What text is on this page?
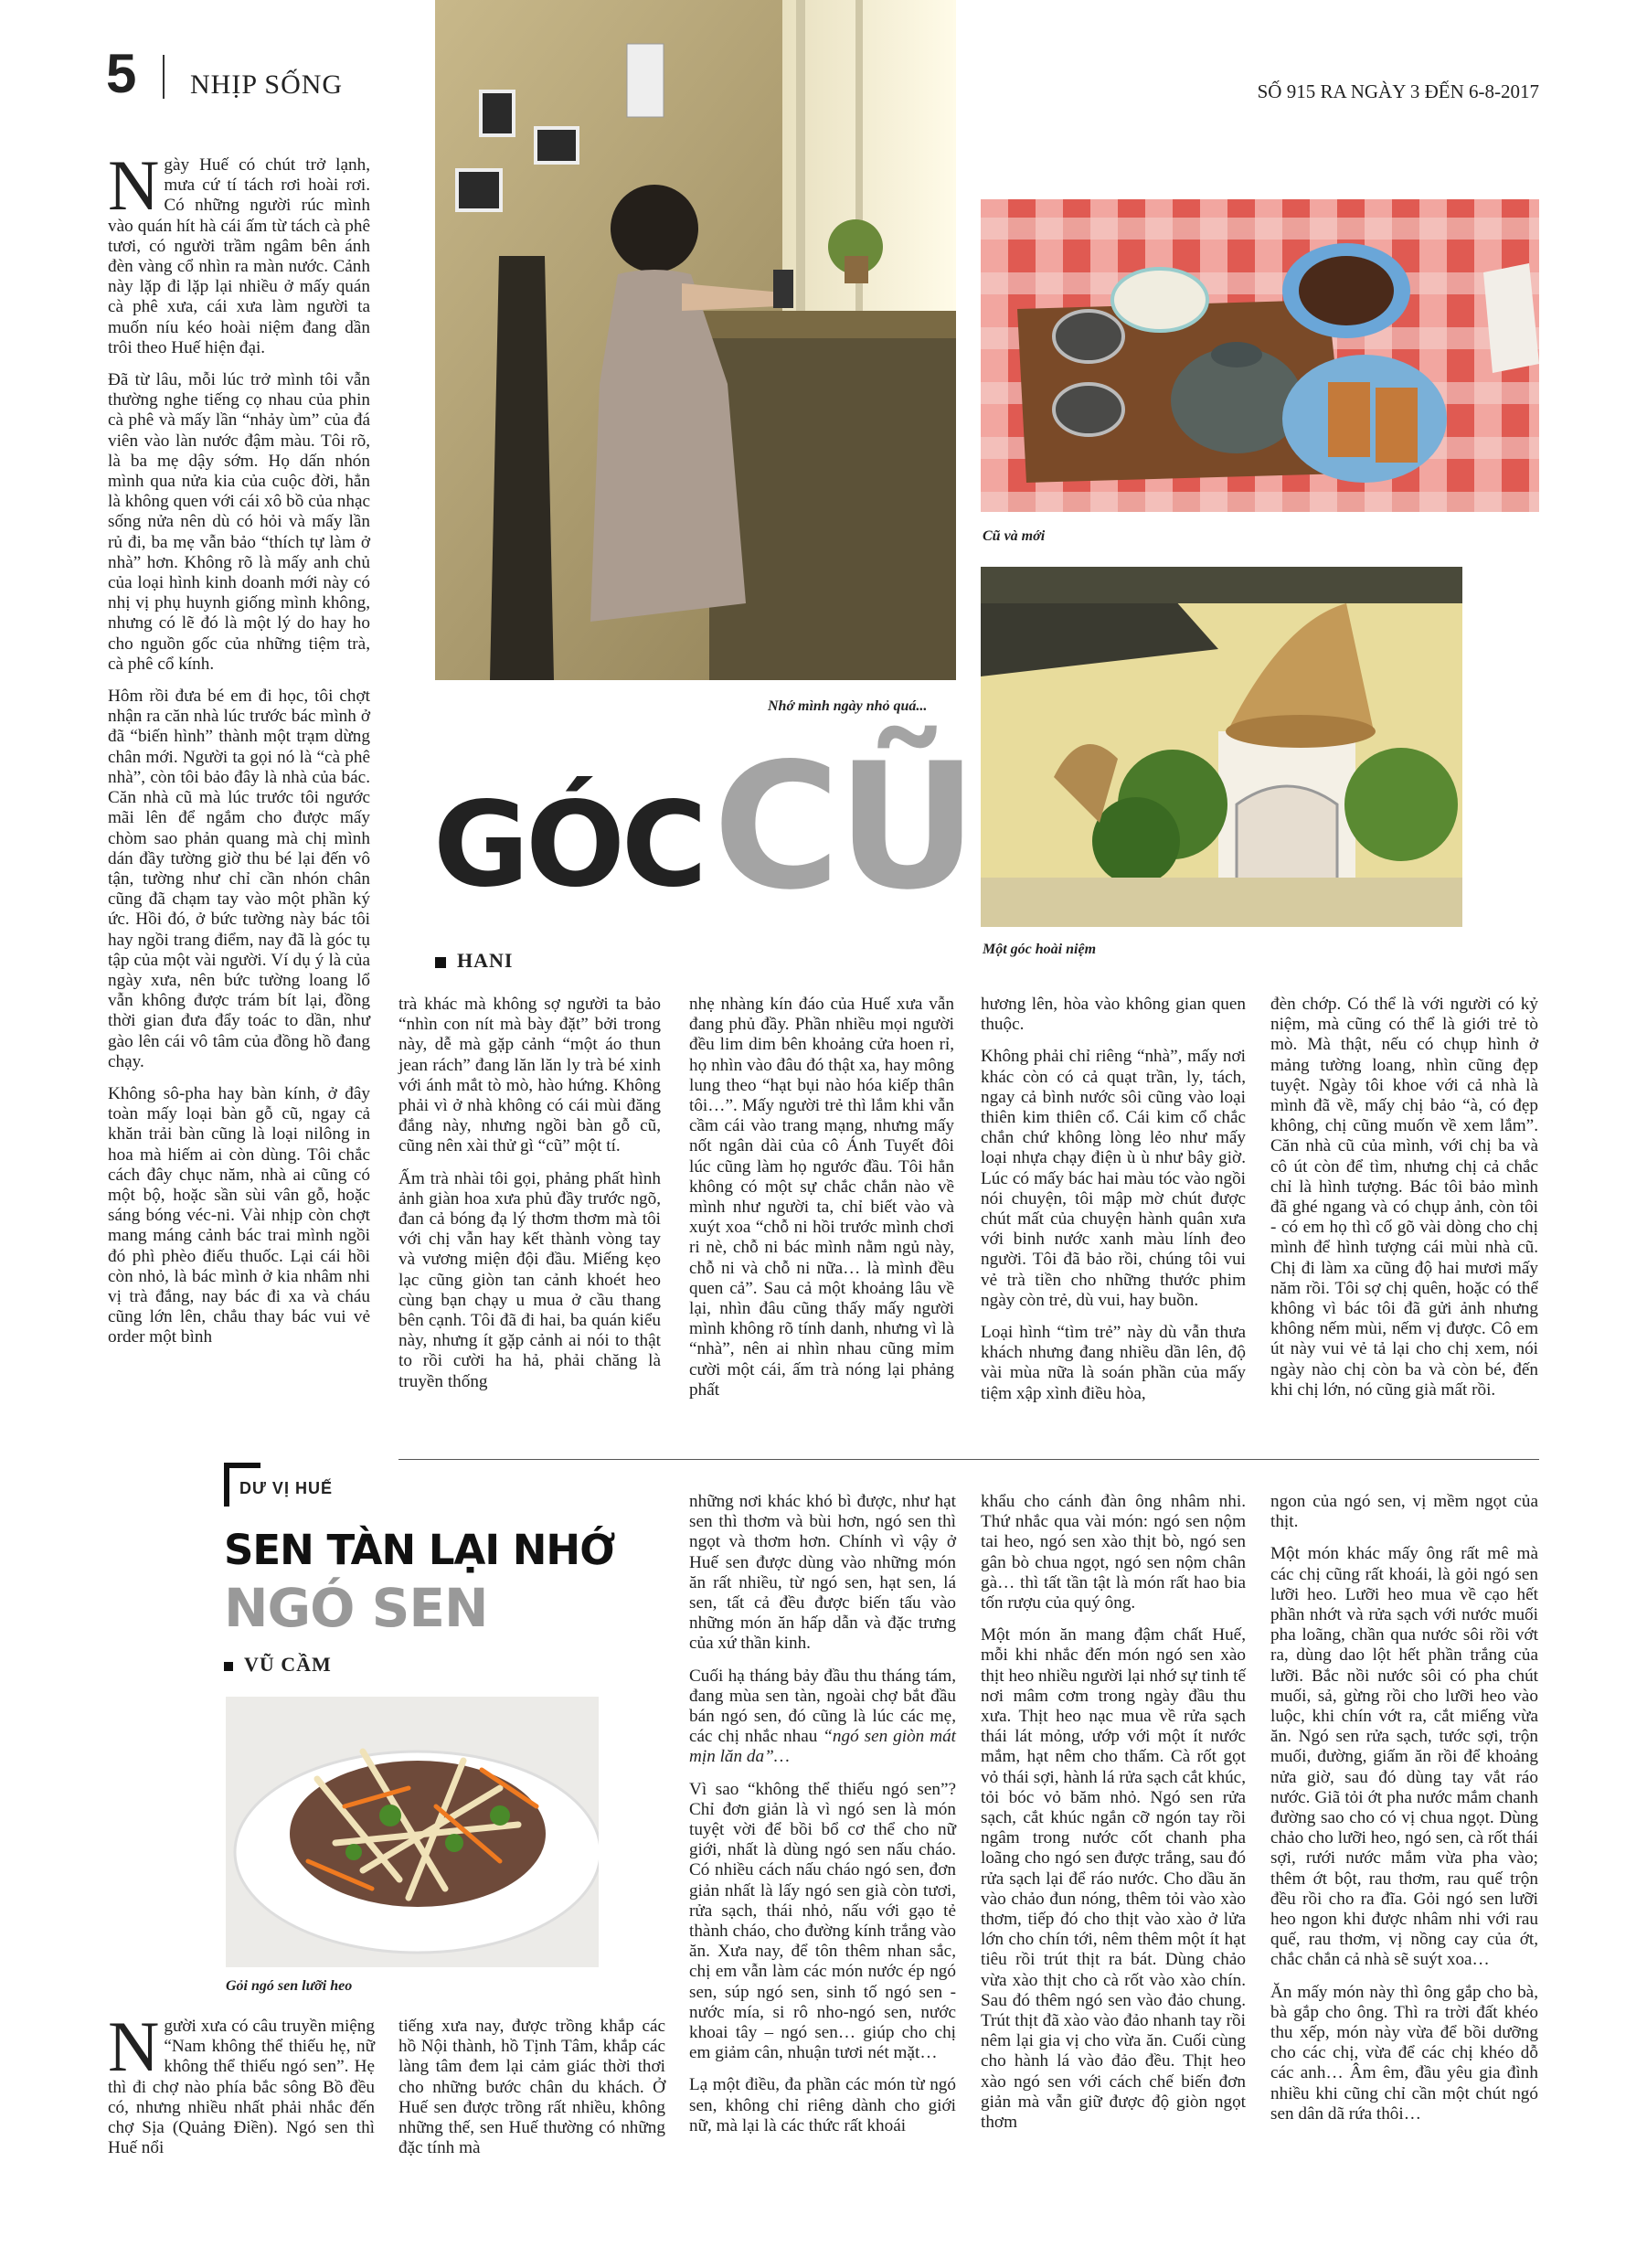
5 NHỊP SỐNG	SỐ 915 RA NGÀY 3 ĐẾN 6-8-2017

Ngày Huế có chút trở lạnh, mưa cứ tí tách rơi hoài rơi. Có những người rúc mình vào quán hít hà cái ấm từ tách cà phê tươi, có người trầm ngâm bên ánh đèn vàng cổ nhìn ra màn nước. Cảnh này lặp đi lặp lại nhiều ở mấy quán cà phê xưa, cái xưa làm người ta muốn níu kéo hoài niệm đang dần trôi theo Huế hiện đại.

Đã từ lâu, mỗi lúc trở mình tôi vẫn thường nghe tiếng cọ nhau của phin cà phê và mấy lần “nhảy ùm” của đá viên vào làn nước đậm màu. Tôi rõ, là ba mẹ dậy sớm. Họ dấn nhón mình qua nửa kia của cuộc đời, hẳn là không quen với cái xô bồ của nhạc sống nửa nên dù có hỏi và mấy lần rủ đi, ba mẹ vẫn bảo “thích tự làm ở nhà” hơn. Không rõ là mấy anh chủ của loại hình kinh doanh mới này có nhị vị phụ huynh giống mình không, nhưng có lẽ đó là một lý do hay ho cho nguồn gốc của những tiệm trà, cà phê cổ kính.

Hôm rồi đưa bé em đi học, tôi chợt nhận ra căn nhà lúc trước bác mình ở đã “biến hình” thành một trạm dừng chân mới. Người ta gọi nó là “cà phê nhà”, còn tôi bảo đây là nhà của bác. Căn nhà cũ mà lúc trước tôi ngước mãi lên để ngắm cho được mấy chòm sao phản quang mà chị mình dán đầy tường giờ thu bé lại đến vô tận, tường như chỉ cần nhón chân cũng đã chạm tay vào một phần ký ức. Hồi đó, ở bức tường này bác tôi hay ngồi trang điểm, nay đã là góc tụ tập của một vài người. Ví dụ ý là của ngày xưa, nên bức tường loang lổ vẫn không được trám bít lại, đồng thời gian đưa đẩy toác to dần, như gào lên cái vô tâm của đồng hồ đang chạy.

Không sô-pha hay bàn kính, ở đây toàn mấy loại bàn gỗ cũ, ngay cả khăn trải bàn cũng là loại nilông in hoa mà hiếm ai còn dùng. Tôi chắc cách đây chục năm, nhà ai cũng có một bộ, hoặc sần sùi vân gỗ, hoặc sáng bóng véc-ni. Vài nhịp còn chợt mang máng cảnh bác trai mình ngồi đó phì phèo điếu thuốc. Lại cái hồi còn nhỏ, là bác mình ở kia nhâm nhi vị trà đắng, nay bác đi xa và cháu cũng lớn lên, chẳu thay bác vui vẻ order một bình

Nhớ mình ngày nhỏ quá...
Cũ và mới
Một góc hoài niệm
GÓC CŨ
HANI

trà khác mà không sợ người ta bảo “nhìn con nít mà bày đặt” bởi trong này, dễ mà gặp cảnh “một áo thun jean rách” đang lăn lăn ly trà bé xinh với ánh mắt tò mò, hào hứng. Không phải vì ở nhà không có cái mùi đăng đắng này, nhưng ngồi bàn gỗ cũ, cũng nên xài thử gì “cũ” một tí.

Ấm trà nhài tôi gọi, phảng phất hình ảnh giàn hoa xưa phủ đầy trước ngõ, đan cả bóng đạ lý thơm thơm mà tôi với chị vẫn hay kết thành vòng tay và vương miện đội đầu. Miếng kẹo lạc cũng giòn tan cảnh khoét heo cùng bạn chạy u mua ở cầu thang bên cạnh. Tôi đã đi hai, ba quán kiểu này, nhưng ít gặp cảnh ai nói to thật to rồi cười ha hả, phải chăng là truyền thống

nhẹ nhàng kín đáo của Huế xưa vẫn đang phủ đầy. Phần nhiều mọi người đều lim dim bên khoảng cửa hoen rỉ, họ nhìn vào đâu đó thật xa, hay mông lung theo “hạt bụi nào hóa kiếp thân tôi…”. Mấy người trẻ thì lắm khi vẫn cầm cái vào trang mạng, nhưng mấy nốt ngân dài của cô Ánh Tuyết đôi lúc cũng làm họ ngước đầu. Tôi hẳn không có một sự chắc chắn nào về mình như người ta, chỉ biết vào và xuýt xoa “chỗ ni hồi trước mình chơi ri nè, chỗ ni bác mình nằm ngủ này, chỗ ni và chỗ ni nữa… là mình đều quen cả”. Sau cả một khoảng lâu về lại, nhìn đâu cũng thấy mấy người mình không rõ tính danh, nhưng vì là “nhà”, nên ai nhìn nhau cũng mỉm cười một cái, ấm trà nóng lại phảng phất

hương lên, hòa vào không gian quen thuộc.

Không phải chỉ riêng “nhà”, mấy nơi khác còn có cả quạt trần, ly, tách, ngay cả bình nước sôi cũng vào loại thiên kim thiên cổ. Cái kim cổ chắc chắn chứ không lòng lẻo như mấy loại nhựa chạy điện ù ù như bây giờ. Lúc có mấy bác hai màu tóc vào ngồi nói chuyện, tôi mập mờ chút được chút mất của chuyện hành quân xưa với binh nước xanh màu lính đeo người. Tôi đã bảo rồi, chúng tôi vui vẻ trà tiền cho những thước phim ngày còn trẻ, dù vui, hay buồn.

Loại hình “tìm trẻ” này dù vẫn thưa khách nhưng đang nhiều dần lên, độ vài mùa nữa là soán phần của mấy tiệm xập xình điều hòa,

đèn chớp. Có thể là với người có kỷ niệm, mà cũng có thể là giới trẻ tò mò. Mà thật, nếu có chụp hình ở mảng tường loang, nhìn cũng đẹp tuyệt. Ngày tôi khoe với cả nhà là mình đã về, mấy chị bảo “à, có đẹp không, chị cũng muốn về xem lắm”. Căn nhà cũ của mình, với chị ba và cô út còn để tìm, nhưng chị cả chắc chỉ là hình tượng. Bác tôi bảo mình đã ghé ngang và có chụp ảnh, còn tôi - có em họ thì cố gõ vài dòng cho chị mình để hình tượng cái mùi nhà cũ. Chị đi làm xa cũng độ hai mươi mấy năm rồi. Tôi sợ chị quên, hoặc có thể không vì bác tôi đã gửi ảnh nhưng không nếm mùi, nếm vị được. Cô em út này vui vẻ tả lại cho chị xem, nói ngày nào chị còn ba và còn bé, đến khi chị lớn, nó cũng già mất rồi.

DƯ VỊ HUẾ
SEN TÀN LẠI NHỚ
NGÓ SEN
VŨ CẦM
Gỏi ngó sen lưỡi heo

Người xưa có câu truyền miệng “Nam không thể thiếu hẹ, nữ không thể thiếu ngó sen”. Hẹ thì đi chợ nào phía bắc sông Bồ đều có, nhưng nhiều nhất phải nhắc đến chợ Sịa (Quảng Điền). Ngó sen thì Huế nổi

tiếng xưa nay, được trồng khắp các hồ Nội thành, hồ Tịnh Tâm, khắp các làng tâm đem lại cảm giác thời thơi cho những bước chân du khách. Ở Huế sen được trồng rất nhiều, không những thế, sen Huế thường có những đặc tính mà

những nơi khác khó bì được, như hạt sen thì thơm và bùi hơn, ngó sen thì ngọt và thơm hơn. Chính vì vậy ở Huế sen được dùng vào những món ăn rất nhiều, từ ngó sen, hạt sen, lá sen, tất cả đều được biến tấu vào những món ăn hấp dẫn và đặc trưng của xứ thần kinh.

Cuối hạ tháng bảy đầu thu tháng tám, đang mùa sen tàn, ngoài chợ bắt đầu bán ngó sen, đó cũng là lúc các mẹ, các chị nhắc nhau “ngó sen giòn mát mịn lăn da”…

Vì sao “không thể thiếu ngó sen”? Chỉ đơn giản là vì ngó sen là món tuyệt vời để bồi bổ cơ thể cho nữ giới, nhất là dùng ngó sen nấu cháo. Có nhiều cách nấu cháo ngó sen, đơn giản nhất là lấy ngó sen già còn tươi, rửa sạch, thái nhỏ, nấu với gạo tẻ thành cháo, cho đường kính trắng vào ăn. Xưa nay, để tôn thêm nhan sắc, chị em vẫn làm các món nước ép ngó sen, súp ngó sen, sinh tố ngó sen - nước mía, si rô nho-ngó sen, nước khoai tây – ngó sen… giúp cho chị em giảm cân, nhuận tươi nét mặt…

Lạ một điều, đa phần các món từ ngó sen, không chỉ riêng dành cho giới nữ, mà lại là các thức rất khoái

khẩu cho cánh đàn ông nhâm nhi. Thứ nhắc qua vài món: ngó sen nộm tai heo, ngó sen xào thịt bò, ngó sen gân bò chua ngọt, ngó sen nộm chân gà… thì tất tần tật là món rất hao bia tốn rượu của quý ông.

Một món ăn mang đậm chất Huế, mỗi khi nhắc đến món ngó sen xào thịt heo nhiều người lại nhớ sự tinh tế nơi mâm cơm trong ngày đầu thu xưa. Thịt heo nạc mua về rửa sạch thái lát mỏng, ướp với một ít nước mắm, hạt nêm cho thấm. Cà rốt gọt vỏ thái sợi, hành lá rửa sạch cắt khúc, tỏi bóc vỏ băm nhỏ. Ngó sen rửa sạch, cắt khúc ngắn cỡ ngón tay rồi ngâm trong nước cốt chanh pha loãng cho ngó sen được trắng, sau đó rửa sạch lại để ráo nước. Cho dầu ăn vào chảo đun nóng, thêm tỏi vào xào thơm, tiếp đó cho thịt vào xào ở lửa lớn cho chín tới, nêm thêm một ít hạt tiêu rồi trút thịt ra bát. Dùng chảo vừa xào thịt cho cà rốt vào xào chín. Sau đó thêm ngó sen vào đảo chung. Trút thịt đã xào vào đảo nhanh tay rồi nêm lại gia vị cho vừa ăn. Cuối cùng cho hành lá vào đảo đều. Thịt heo xào ngó sen với cách chế biến đơn giản mà vẫn giữ được độ giòn ngọt thơm

ngon của ngó sen, vị mềm ngọt của thịt.

Một món khác mấy ông rất mê mà các chị cũng rất khoái, là gỏi ngó sen lưỡi heo. Lưỡi heo mua về cạo hết phần nhớt và rửa sạch với nước muối pha loãng, chần qua nước sôi rồi vớt ra, dùng dao lột hết phần trắng của lưỡi. Bắc nồi nước sôi có pha chút muối, sả, gừng rồi cho lưỡi heo vào luộc, khi chín vớt ra, cắt miếng vừa ăn. Ngó sen rửa sạch, tước sợi, trộn muối, đường, giấm ăn rồi để khoảng nửa giờ, sau đó dùng tay vắt ráo nước. Giã tỏi ớt pha nước mắm chanh đường sao cho có vị chua ngọt. Dùng chảo cho lưỡi heo, ngó sen, cà rốt thái sợi, rưới nước mắm vừa pha vào; thêm ớt bột, rau thơm, rau quế trộn đều rồi cho ra đĩa. Gỏi ngó sen lưỡi heo ngon khi được nhâm nhi với rau quế, rau thơm, vị nồng cay của ớt, chắc chắn cả nhà sẽ suýt xoa…

Ăn mấy món này thì ông gắp cho bà, bà gắp cho ông. Thì ra trời đất khéo thu xếp, món này vừa để bồi dưỡng cho các chị, vừa để các chị khéo dỗ các anh… Âm êm, đầu yêu gia đình nhiều khi cũng chỉ cần một chút ngó sen dân dã rứa thôi…
